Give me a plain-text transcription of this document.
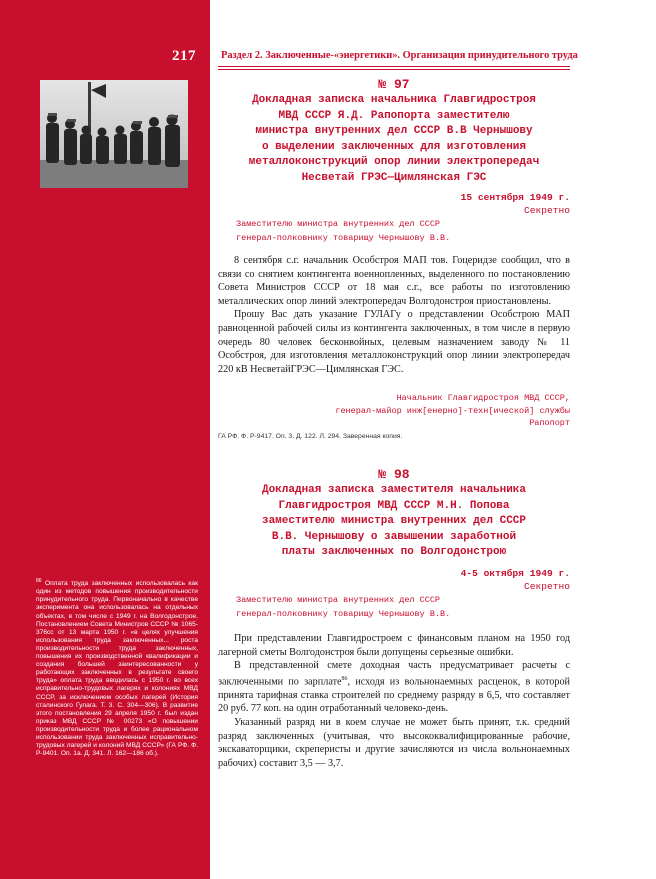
217
$^{86}$ Оплата труда заключенных использовалась как один из методов повышения производительности принудительного труда. Первоначально в качестве эксперимента она использовалась на отдельных объектах, в том числе с 1949 г. на Волгодонстрое. Постановлением Совета Министров СССР № 1065-376сс от 13 марта 1950 г. «в целях улучшения использования труда заключенных... роста производительности труда заключенных, повышения их производственной квалификации и создания большей заинтересованности у работающих заключенных в результате своего труда» оплата труда вводилась с 1950 г. во всех исправительно-трудовых лагерях и колониях МВД СССР, за исключением особых лагерей (История сталинского Гулага. Т. 3. С. 304—306). В развитие этого постановления 29 апреля 1950 г. был издан приказ МВД СССР № 00273 «О повышении производительности труда и более рациональном использовании труда заключенных исправительно-трудовых лагерей и колоний МВД СССР» (ГА РФ. Ф. Р-9401. Оп. 1а. Д. 341. Л. 162—186 об.).
Раздел 2. Заключенные-«энергетики». Организация принудительного труда
№ 97
Докладная записка начальника Главгидростроя
МВД СССР Я.Д. Рапопорта заместителю
министра внутренних дел СССР В.В Чернышову
о выделении заключенных для изготовления
металлоконструкций опор линии электропередач
Несветай ГРЭС—Цимлянская ГЭС
15 сентября 1949 г.
Секретно
Заместителю министра внутренних дел СССР
генерал-полковнику товарищу Чернышову В.В.

8 сентября с.г. начальник Особстроя МАП тов. Гоцеридзе сообщил, что в связи со снятием контингента военнопленных, выделенного по постановлению Совета Министров СССР от 18 мая с.г., все работы по изготовлению металлических опор линий электропередач Волгодонстроя приостановлены.

Прошу Вас дать указание ГУЛАГу о представлении Особстрою МАП равноценной рабочей силы из контингента заключенных, в том числе в первую очередь 80 человек бесконвойных, целевым назначением заводу № 11 Особстроя, для изготовления металлоконструкций опор линии электропередач 220 кВ НесветайГРЭС—Цимлянская ГЭС.

Начальник Главгидростроя МВД СССР,
генерал-майор инж[енерно]-техн[ической] службы
Рапопорт
ГА РФ. Ф. Р-9417. Оп. 3. Д. 122. Л. 294. Заверенная копия.
№ 98
Докладная записка заместителя начальника
Главгидростроя МВД СССР М.Н. Попова
заместителю министра внутренних дел СССР
В.В. Чернышову о завышении заработной
платы заключенных по Волгодонстрою
4-5 октября 1949 г.
Секретно
Заместителю министра внутренних дел СССР
генерал-полковнику товарищу Чернышову В.В.

При представлении Главгидростроем с финансовым планом на 1950 год лагерной сметы Волгодонстроя были допущены серьезные ошибки.

В представленной смете доходная часть предусматривает расчеты с заключенными по зарплате$^{86}$, исходя из вольнонаемных расценок, в которой принята тарифная ставка строителей по среднему разряду в 6,5, что составляет 20 руб. 77 коп. на один отработанный человеко-день.

Указанный разряд ни в коем случае не может быть принят, т.к. средний разряд заключенных (учитывая, что высококвалифицированные рабочие, экскаваторщики, скреперисты и другие зачисляются из числа вольнонаемных рабочих) составит 3,5 — 3,7.
